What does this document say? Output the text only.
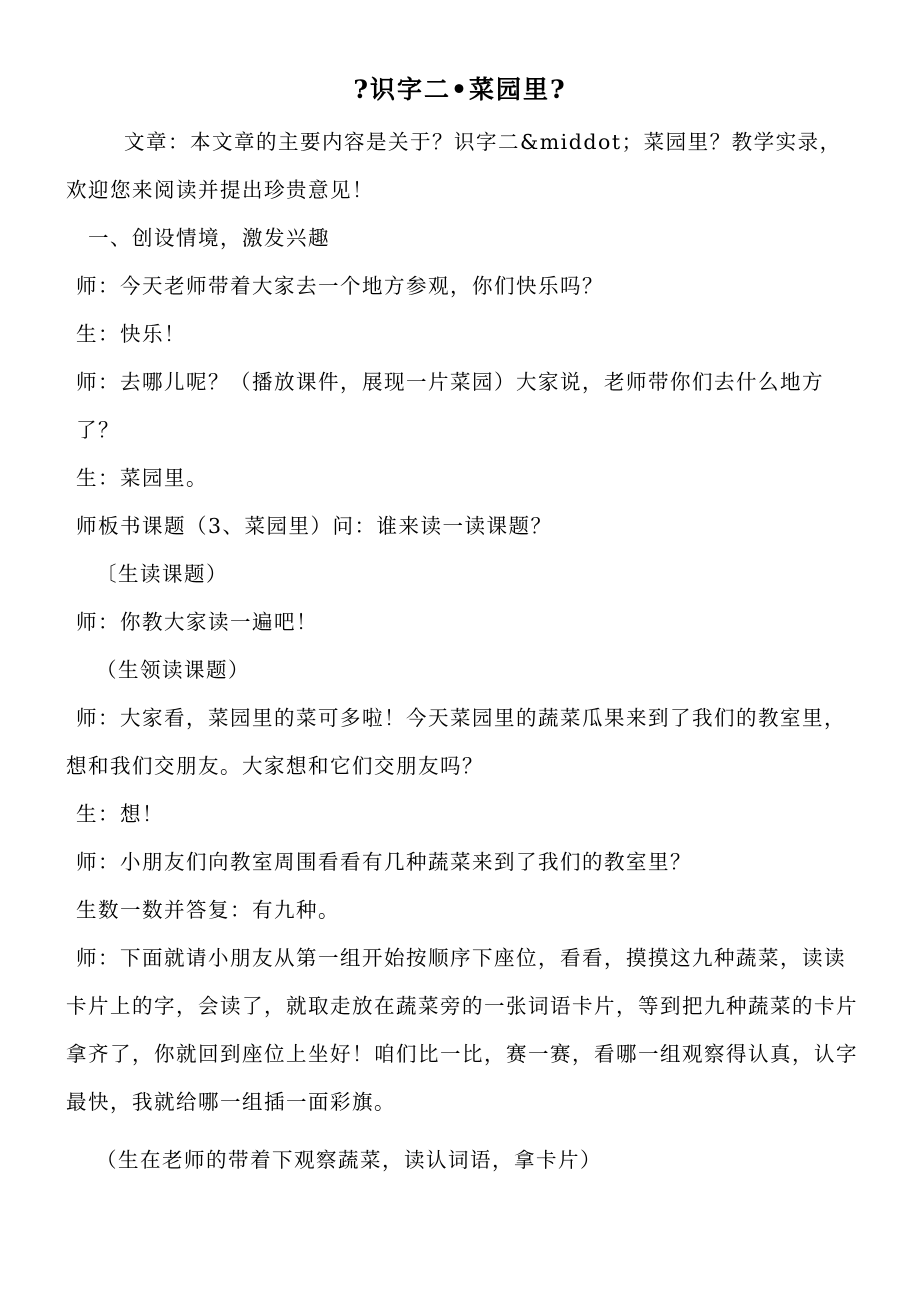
?识字二•菜园里?
文章：本文章的主要内容是关于？识字二&middot；菜园里？教学实录，欢迎您来阅读并提出珍贵意见！
一、创设情境，激发兴趣
师：今天老师带着大家去一个地方参观，你们快乐吗？
生：快乐！
师：去哪儿呢？（播放课件，展现一片菜园）大家说，老师带你们去什么地方了？
生：菜园里。
师板书课题（3、菜园里）问：谁来读一读课题？
〔生读课题）
师：你教大家读一遍吧！
（生领读课题）
师：大家看，菜园里的菜可多啦！今天菜园里的蔬菜瓜果来到了我们的教室里，想和我们交朋友。大家想和它们交朋友吗？
生：想！
师：小朋友们向教室周围看看有几种蔬菜来到了我们的教室里？
生数一数并答复：有九种。
师：下面就请小朋友从第一组开始按顺序下座位，看看，摸摸这九种蔬菜，读读卡片上的字，会读了，就取走放在蔬菜旁的一张词语卡片，等到把九种蔬菜的卡片拿齐了，你就回到座位上坐好！咱们比一比，赛一赛，看哪一组观察得认真，认字最快，我就给哪一组插一面彩旗。
（生在老师的带着下观察蔬菜，读认词语，拿卡片）
